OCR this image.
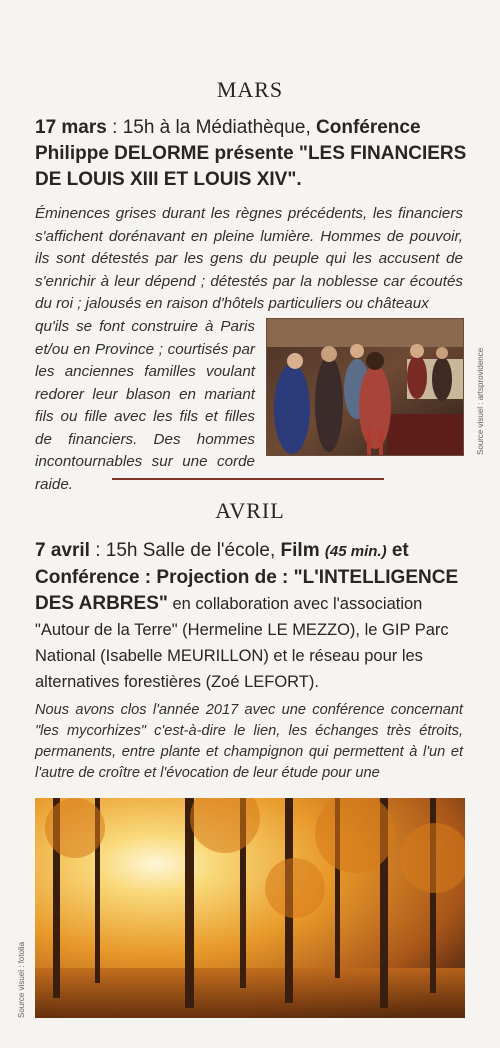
MARS
17 mars : 15h à la Médiathèque, Conférence
Philippe DELORME présente "LES FINANCIERS
DE LOUIS XIII ET LOUIS XIV".
Éminences grises durant les règnes précédents, les financiers s'affichent dorénavant en pleine lumière. Hommes de pouvoir, ils sont détestés par les gens du peuple qui les accusent de s'enrichir à leur dépend ; détestés par la noblesse car écoutés du roi ; jalousés en raison d'hôtels particuliers ou châteaux
qu'ils se font construire à Paris et/ou en Province ; courtisés par les anciennes familles voulant redorer leur blason en mariant fils ou fille avec les fils et filles de financiers. Des hommes incontournables sur une corde raide.
Source visuel : artsprovidence
AVRIL
7 avril : 15h Salle de l'école, Film (45 min.) et
Conférence : Projection de : "L'INTELLIGENCE
DES ARBRES" en collaboration avec l'association "Autour de la Terre" (Hermeline LE MEZZO), le GIP Parc National (Isabelle MEURILLON) et le réseau pour les alternatives forestières (Zoé LEFORT).
Nous avons clos l'année 2017 avec une conférence concernant "les mycorhizes" c'est-à-dire le lien, les échanges très étroits, permanents, entre plante et champignon qui permettent à l'un et l'autre de croître et l'évocation de leur étude pour une
Source visuel : fotolia
